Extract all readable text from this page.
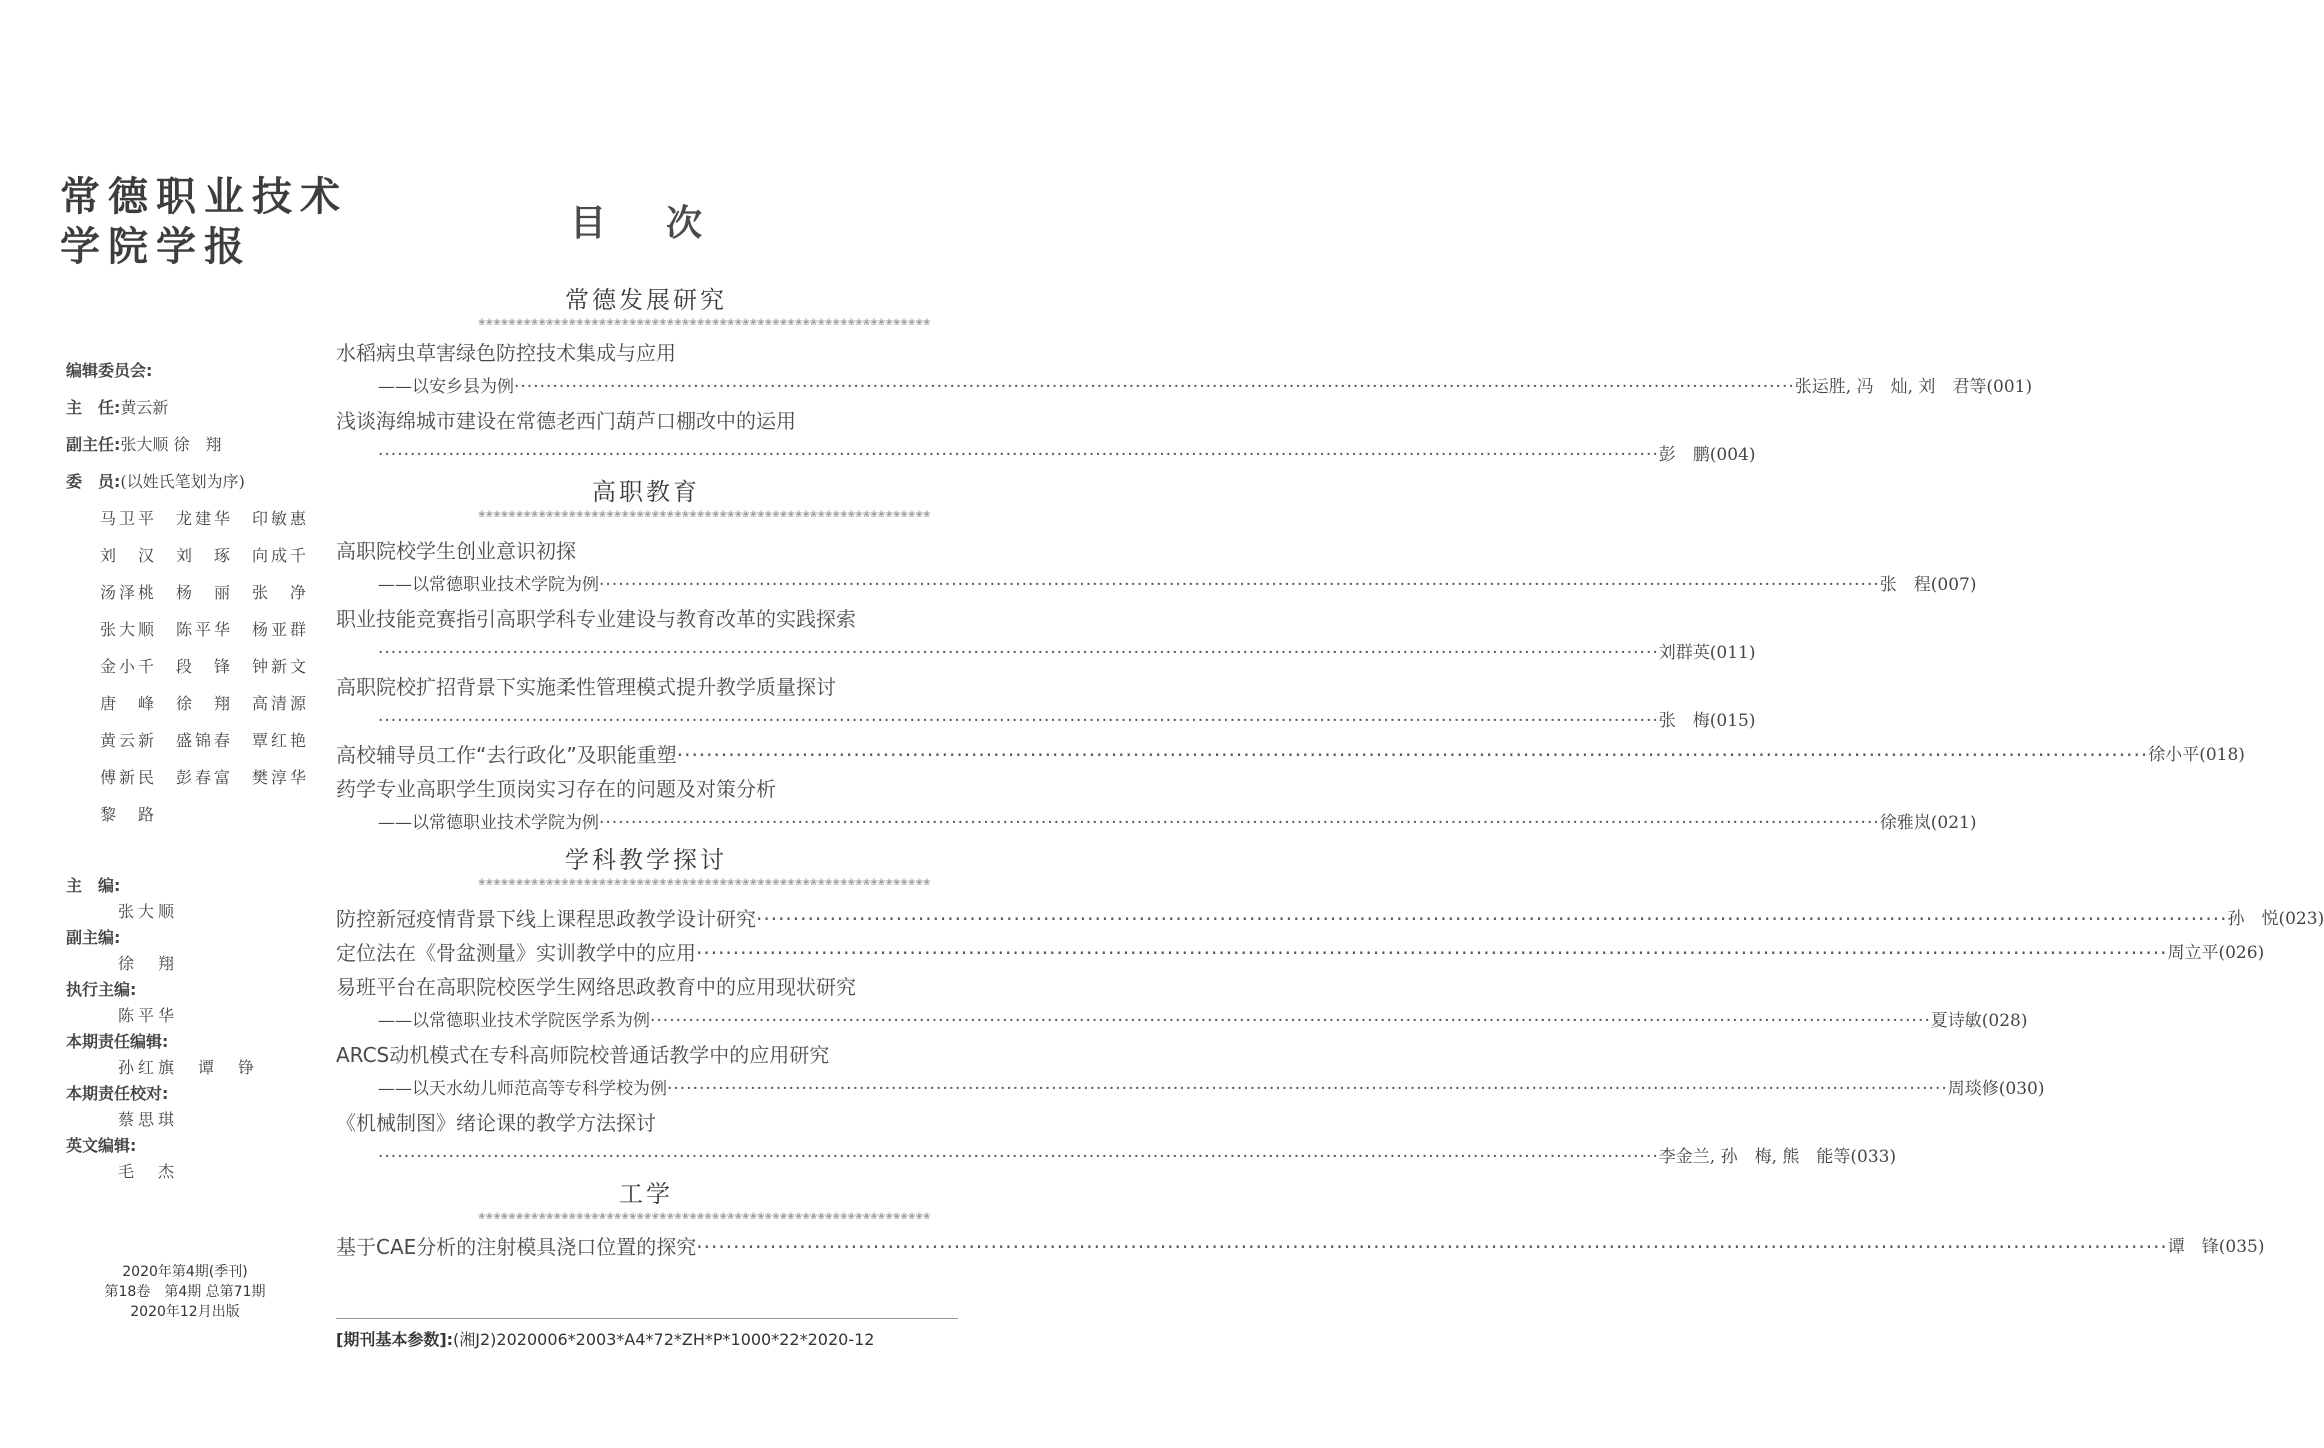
常德职业技术
学院学报
编辑委员会:
主　任:黄云新
副主任:张大顺 徐　翔
委　员:(以姓氏笔划为序)
马卫平　龙建华　印敏惠
刘　汉　刘　琢　向成千
汤泽桃　杨　丽　张　净
张大顺　陈平华　杨亚群
金小千　段　锋　钟新文
唐　峰　徐　翔　高清源
黄云新　盛锦春　覃红艳
傅新民　彭春富　樊淳华
黎　路
主　编:
张大顺
副主编:
徐　翔
执行主编:
陈平华
本期责任编辑:
孙红旗　谭　铮
本期责任校对:
蔡思琪
英文编辑:
毛　杰
2020年第4期(季刊)
第18卷　第4期 总第71期
2020年12月出版
目次
常德发展研究
❀❀❀❀❀❀❀❀❀❀❀❀❀❀❀❀❀❀❀❀❀❀❀❀❀❀❀❀❀❀❀❀❀❀❀❀❀❀❀❀❀❀❀❀❀❀❀❀❀❀❀❀❀❀❀❀❀❀❀❀
水稻病虫草害绿色防控技术集成与应用
——以安乡县为例 ········································································································································································································ 张运胜, 冯　灿, 刘　君等 (001)
浅谈海绵城市建设在常德老西门葫芦口棚改中的运用
········································································································································································································ 彭　鹏 (004)
高职教育
❀❀❀❀❀❀❀❀❀❀❀❀❀❀❀❀❀❀❀❀❀❀❀❀❀❀❀❀❀❀❀❀❀❀❀❀❀❀❀❀❀❀❀❀❀❀❀❀❀❀❀❀❀❀❀❀❀❀❀❀
高职院校学生创业意识初探
——以常德职业技术学院为例 ········································································································································································································ 张　程 (007)
职业技能竞赛指引高职学科专业建设与教育改革的实践探索
········································································································································································································ 刘群英 (011)
高职院校扩招背景下实施柔性管理模式提升教学质量探讨
········································································································································································································ 张　梅 (015)
高校辅导员工作“去行政化”及职能重塑 ········································································································································································································ 徐小平 (018)
药学专业高职学生顶岗实习存在的问题及对策分析
——以常德职业技术学院为例 ········································································································································································································ 徐雅岚 (021)
学科教学探讨
❀❀❀❀❀❀❀❀❀❀❀❀❀❀❀❀❀❀❀❀❀❀❀❀❀❀❀❀❀❀❀❀❀❀❀❀❀❀❀❀❀❀❀❀❀❀❀❀❀❀❀❀❀❀❀❀❀❀❀❀
防控新冠疫情背景下线上课程思政教学设计研究 ········································································································································································································ 孙　悦 (023)
定位法在《骨盆测量》实训教学中的应用 ········································································································································································································ 周立平 (026)
易班平台在高职院校医学生网络思政教育中的应用现状研究
——以常德职业技术学院医学系为例 ········································································································································································································ 夏诗敏 (028)
ARCS动机模式在专科高师院校普通话教学中的应用研究
——以天水幼儿师范高等专科学校为例 ········································································································································································································ 周琰修 (030)
《机械制图》绪论课的教学方法探讨
········································································································································································································ 李金兰, 孙　梅, 熊　能等 (033)
工学
❀❀❀❀❀❀❀❀❀❀❀❀❀❀❀❀❀❀❀❀❀❀❀❀❀❀❀❀❀❀❀❀❀❀❀❀❀❀❀❀❀❀❀❀❀❀❀❀❀❀❀❀❀❀❀❀❀❀❀❀
基于CAE分析的注射模具浇口位置的探究 ········································································································································································································ 谭　锋 (035)
[期刊基本参数]:(湘J2)2020006*2003*A4*72*ZH*P*1000*22*2020-12
